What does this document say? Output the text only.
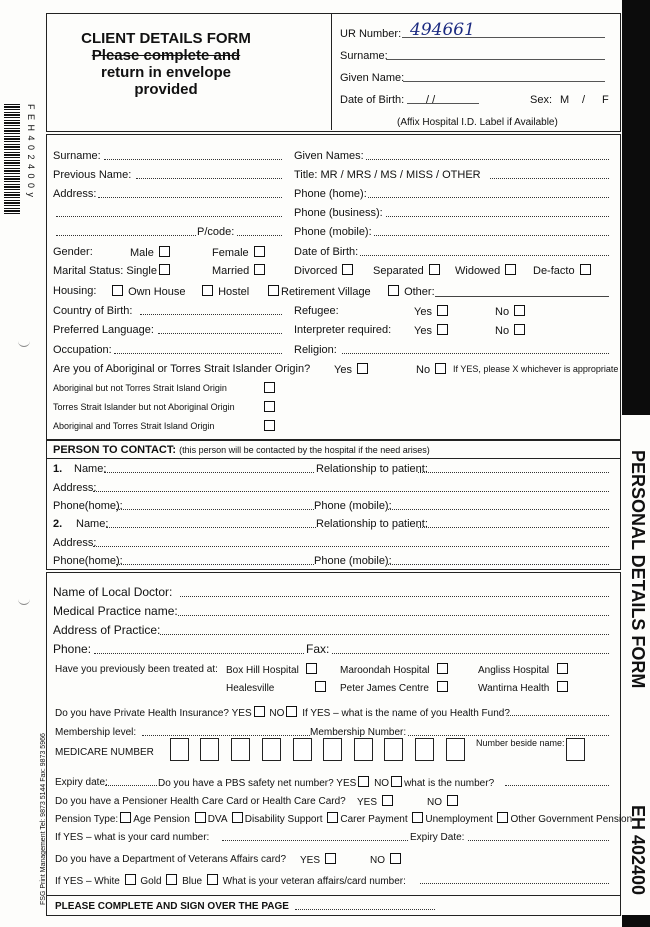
F E H 4 0 2 4 0 0 y
FSG Print Management Tel: 9873 5144 Fax: 9873 5966
PERSONAL DETAILS FORM
EH 402400
CLIENT DETAILS FORM
Please complete and
return in envelope
provided
UR Number: 494661
Surname:
Given Name:
Date of Birth: / /	Sex: M / F
(Affix Hospital I.D. Label if Available)
Surname:	Given Names:
Previous Name:	Title: MR / MRS / MS / MISS / OTHER
Address:	Phone (home):
Phone (business):
P/code:	Phone (mobile):
Gender:	Male	Female	Date of Birth:
Marital Status: Single	Married	Divorced	Separated	Widowed	De-facto
Housing:	Own House	Hostel	Retirement Village	Other:
Country of Birth:	Refugee:	Yes	No
Preferred Language:	Interpreter required: Yes	No
Occupation:	Religion:
Are you of Aboriginal or Torres Strait Islander Origin? Yes	No	If YES, please X whichever is appropriate
Aboriginal but not Torres Strait Island Origin
Torres Strait Islander but not Aboriginal Origin
Aboriginal and Torres Strait Island Origin
PERSON TO CONTACT: (this person will be contacted by the hospital if the need arises)
1. Name:	Relationship to patient:
Address:
Phone(home):	Phone (mobile):
2. Name:	Relationship to patient:
Address:
Phone(home):	Phone (mobile):
Name of Local Doctor:
Medical Practice name:
Address of Practice:
Phone:	Fax:
Have you previously been treated at: Box Hill Hospital	Maroondah Hospital	Angliss Hospital
Healesville	Peter James Centre	Wantirna Health
Do you have Private Health Insurance? YES NO If YES – what is the name of you Health Fund?
Membership level:	Membership Number:
MEDICARE NUMBER
Number beside name:
Expiry date:	Do you have a PBS safety net number? YES NO what is the number?
Do you have a Pensioner Health Care Card or Health Care Card? YES	NO
Pension Type: Age Pension DVA Disability Support Carer Payment Unemployment Other Government Pension
If YES – what is your card number:	Expiry Date:
Do you have a Department of Veterans Affairs card? YES	NO
If YES – White Gold Blue What is your veteran affairs/card number:
PLEASE COMPLETE AND SIGN OVER THE PAGE
